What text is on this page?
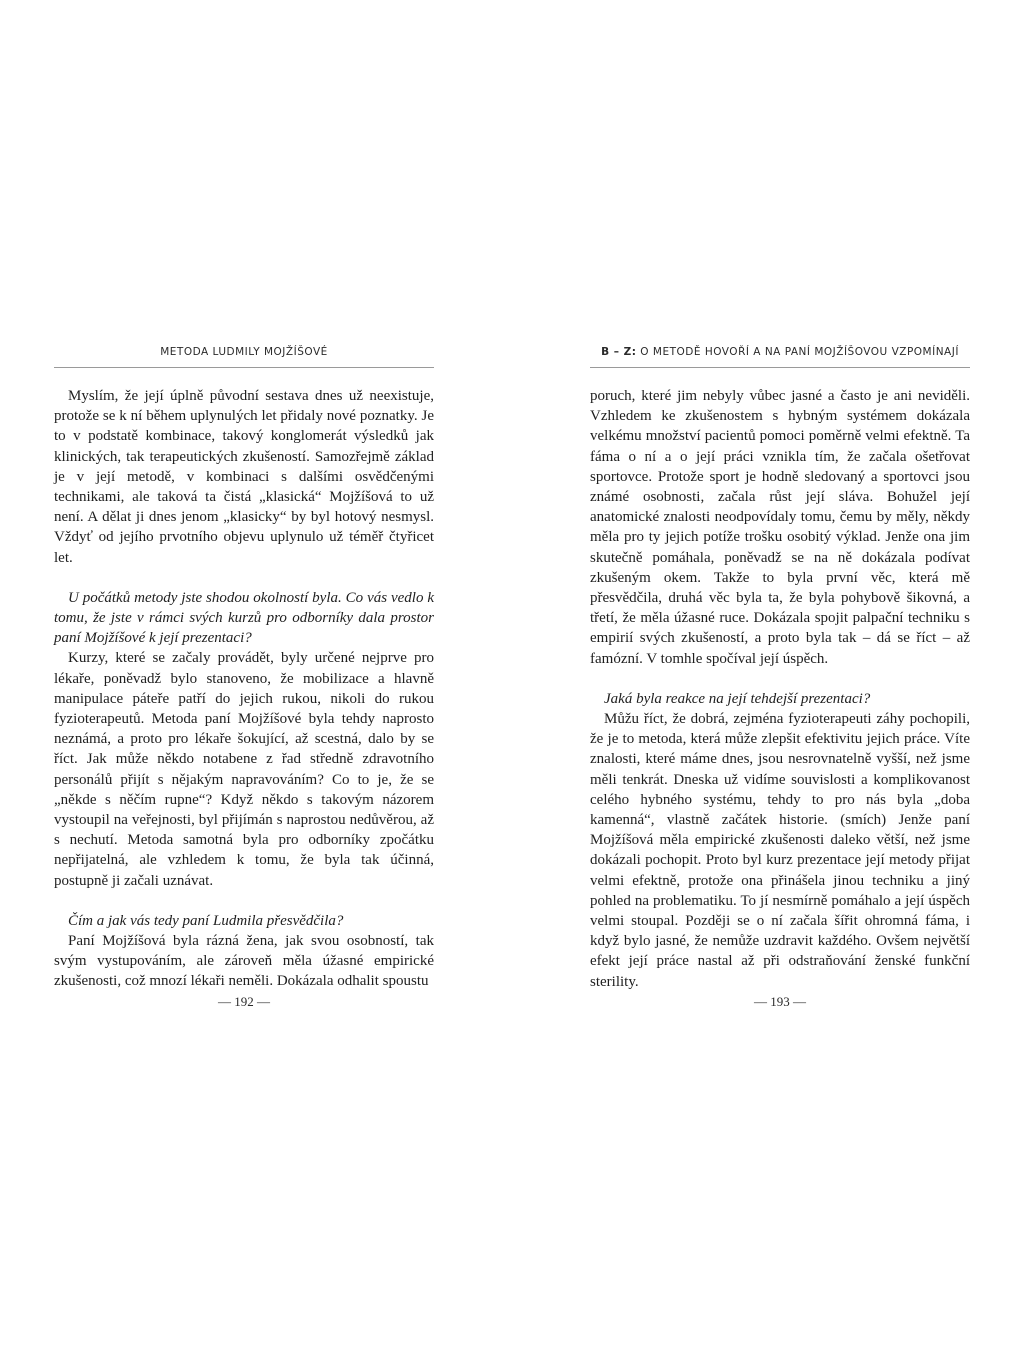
METODA LUDMILY MOJŽÍŠOVÉ

Myslím, že její úplně původní sestava dnes už neexistuje, protože se k ní během uplynulých let přidaly nové poznatky. Je to v podstatě kombinace, takový konglomerát výsledků jak klinických, tak terapeutických zkušeností. Samozřejmě základ je v její metodě, v kombinaci s dalšími osvědčenými technikami, ale taková ta čistá „klasická“ Mojžíšová to už není. A dělat ji dnes jenom „klasicky“ by byl hotový nesmysl. Vždyť od jejího prvotního objevu uplynulo už téměř čtyřicet let.

U počátků metody jste shodou okolností byla. Co vás vedlo k tomu, že jste v rámci svých kurzů pro odborníky dala prostor paní Mojžíšové k její prezentaci?

Kurzy, které se začaly provádět, byly určené nejprve pro lékaře, poněvadž bylo stanoveno, že mobilizace a hlavně manipulace páteře patří do jejich rukou, nikoli do rukou fyzioterapeutů. Metoda paní Mojžíšové byla tehdy naprosto neznámá, a proto pro lékaře šokující, až scestná, dalo by se říct. Jak může někdo notabene z řad středně zdravotního personálů přijít s nějakým napravováním? Co to je, že se „někde s něčím rupne“? Když někdo s takovým názorem vystoupil na veřejnosti, byl přijímán s naprostou nedůvěrou, až s nechutí. Metoda samotná byla pro odborníky zpočátku nepřijatelná, ale vzhledem k tomu, že byla tak účinná, postupně ji začali uznávat.

Čím a jak vás tedy paní Ludmila přesvědčila?

Paní Mojžíšová byla rázná žena, jak svou osobností, tak svým vystupováním, ale zároveň měla úžasné empirické zkušenosti, což mnozí lékaři neměli. Dokázala odhalit spoustu

— 192 —
B – Z: O METODĚ HOVOŘÍ A NA PANÍ MOJŽÍŠOVOU VZPOMÍNAJÍ

poruch, které jim nebyly vůbec jasné a často je ani neviděli. Vzhledem ke zkušenostem s hybným systémem dokázala velkému množství pacientů pomoci poměrně velmi efektně. Ta fáma o ní a o její práci vznikla tím, že začala ošetřovat sportovce. Protože sport je hodně sledovaný a sportovci jsou známé osobnosti, začala růst její sláva. Bohužel její anatomické znalosti neodpovídaly tomu, čemu by měly, někdy měla pro ty jejich potíže trošku osobitý výklad. Jenže ona jim skutečně pomáhala, poněvadž se na ně dokázala podívat zkušeným okem. Takže to byla první věc, která mě přesvědčila, druhá věc byla ta, že byla pohybově šikovná, a třetí, že měla úžasné ruce. Dokázala spojit palpační techniku s empirií svých zkušeností, a proto byla tak – dá se říct – až famózní. V tomhle spočíval její úspěch.

Jaká byla reakce na její tehdejší prezentaci?

Můžu říct, že dobrá, zejména fyzioterapeuti záhy pochopili, že je to metoda, která může zlepšit efektivitu jejich práce. Víte znalosti, které máme dnes, jsou nesrovnatelně vyšší, než jsme měli tenkrát. Dneska už vidíme souvislosti a komplikovanost celého hybného systému, tehdy to pro nás byla „doba kamenná“, vlastně začátek historie. (smích) Jenže paní Mojžíšová měla empirické zkušenosti daleko větší, než jsme dokázali pochopit. Proto byl kurz prezentace její metody přijat velmi efektně, protože ona přinášela jinou techniku a jiný pohled na problematiku. To jí nesmírně pomáhalo a její úspěch velmi stoupal. Později se o ní začala šířit ohromná fáma, i když bylo jasné, že nemůže uzdravit každého. Ovšem největší efekt její práce nastal až při odstraňování ženské funkční sterility.

— 193 —
